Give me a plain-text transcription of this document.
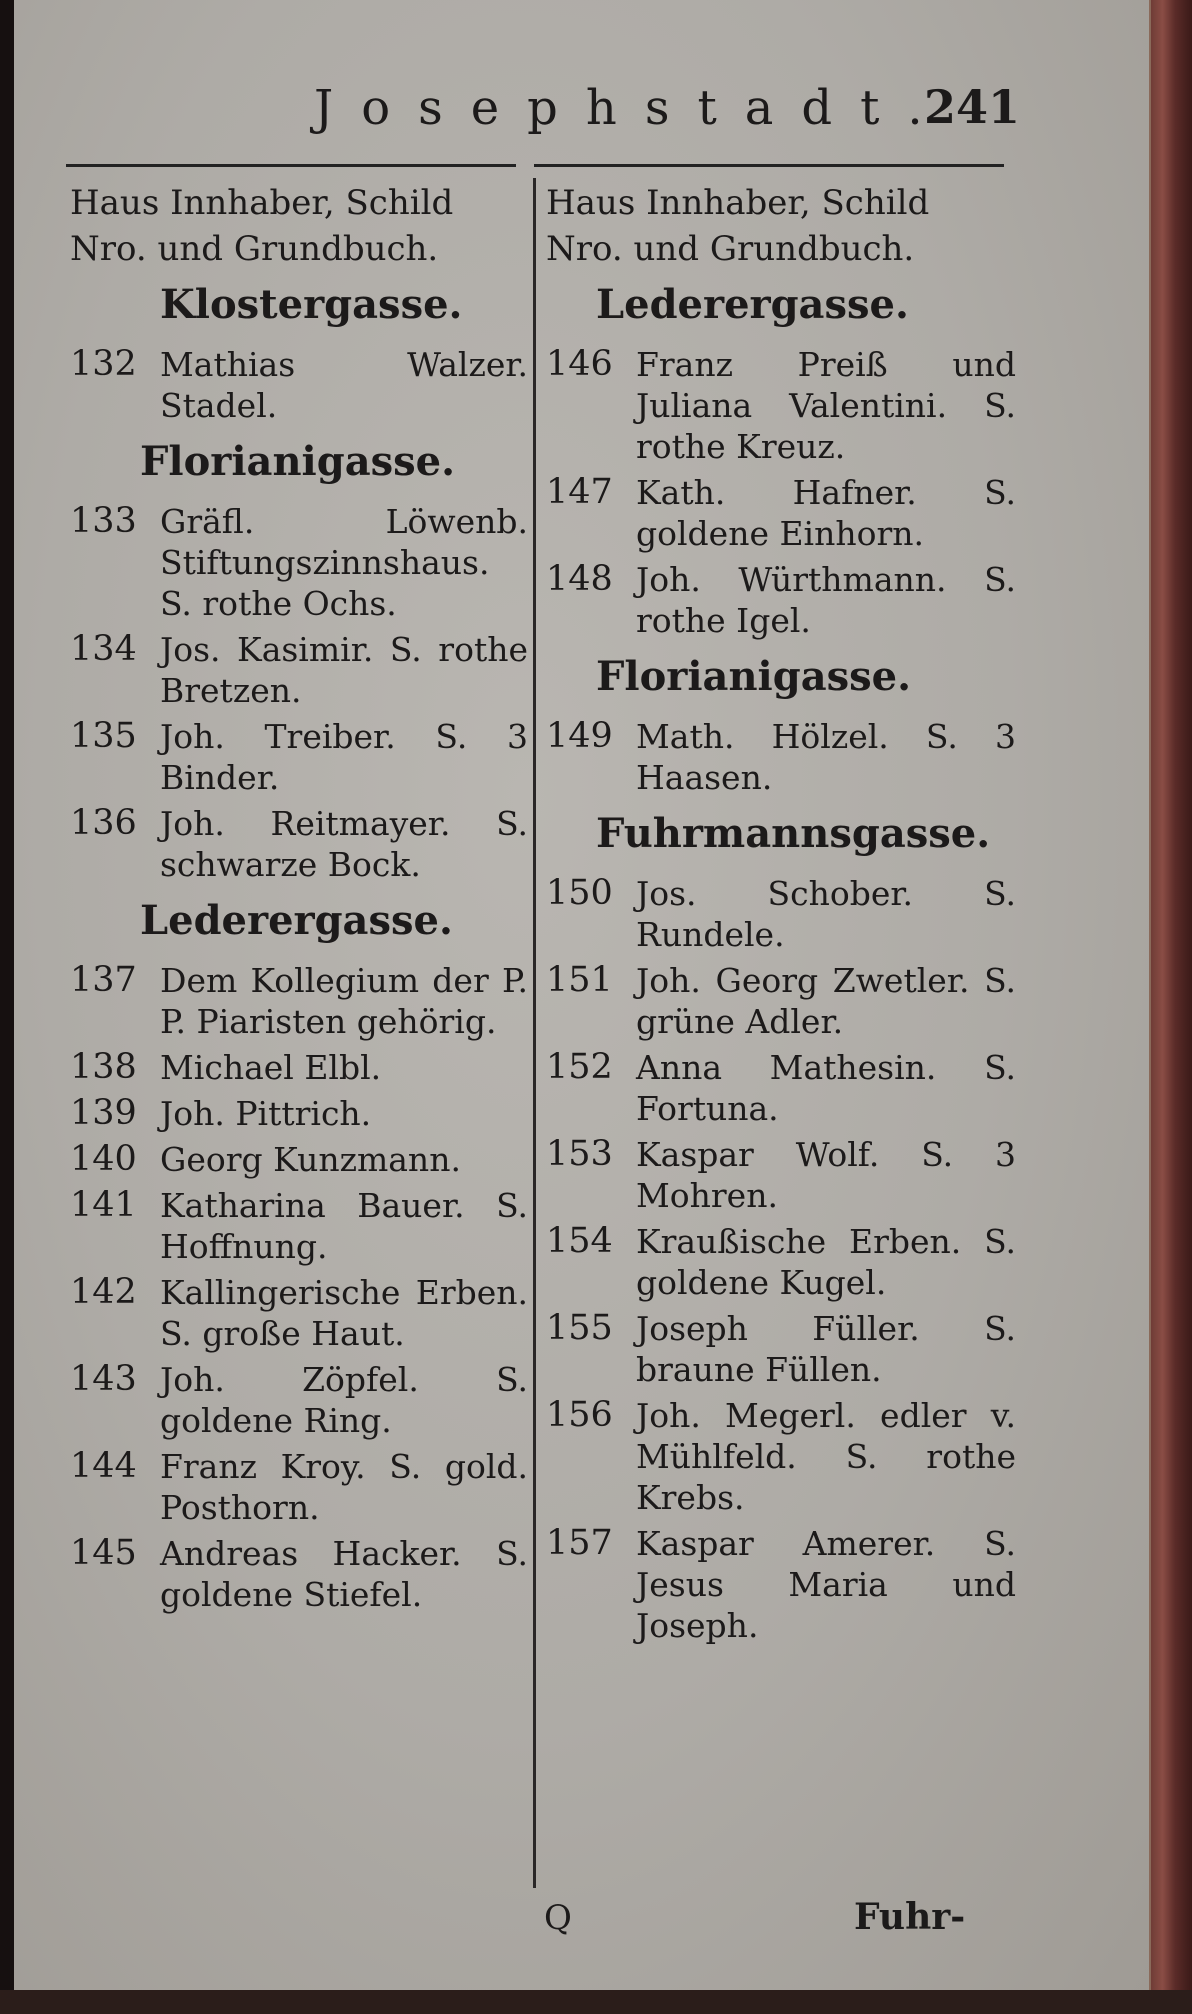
Josephstadt.
241
Haus Innhaber, Schild
Nro. und Grundbuch.
Klostergasse.
132 Mathias Walzer. Stadel.
Florianigasse.
133 Gräfl. Löwenb. Stiftungszinnshaus. S. rothe Ochs.
134 Jos. Kasimir. S. rothe Bretzen.
135 Joh. Treiber. S. 3 Binder.
136 Joh. Reitmayer. S. schwarze Bock.
Lederergasse.
137 Dem Kollegium der P. P. Piaristen gehörig.
138 Michael Elbl.
139 Joh. Pittrich.
140 Georg Kunzmann.
141 Katharina Bauer. S. Hoffnung.
142 Kallingerische Erben. S. große Haut.
143 Joh. Zöpfel. S. goldene Ring.
144 Franz Kroy. S. gold. Posthorn.
145 Andreas Hacker. S. goldene Stiefel.
Haus Innhaber, Schild
Nro. und Grundbuch.
Lederergasse.
146 Franz Preiß und Juliana Valentini. S. rothe Kreuz.
147 Kath. Hafner. S. goldene Einhorn.
148 Joh. Würthmann. S. rothe Igel.
Florianigasse.
149 Math. Hölzel. S. 3 Haasen.
Fuhrmannsgasse.
150 Jos. Schober. S. Rundele.
151 Joh. Georg Zwetler. S. grüne Adler.
152 Anna Mathesin. S. Fortuna.
153 Kaspar Wolf. S. 3 Mohren.
154 Kraußische Erben. S. goldene Kugel.
155 Joseph Füller. S. braune Füllen.
156 Joh. Megerl. edler v. Mühlfeld. S. rothe Krebs.
157 Kaspar Amerer. S. Jesus Maria und Joseph.
Q	Fuhr-
